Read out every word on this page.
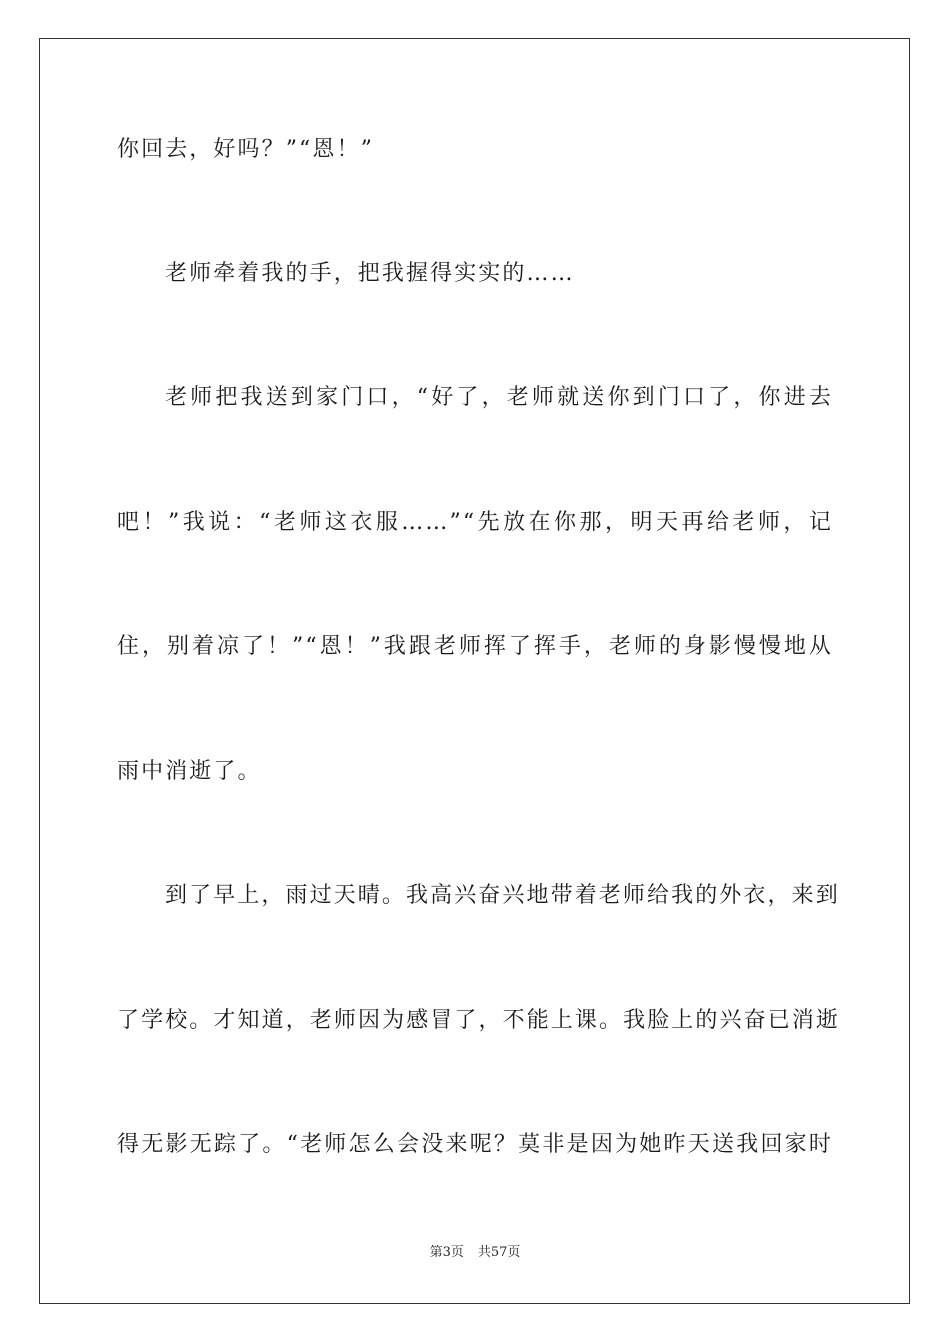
你回去，好吗？”“恩！”
老师牵着我的手，把我握得实实的……
老师把我送到家门口，“好了，老师就送你到门口了，你进去
吧！”我说：“老师这衣服……”“先放在你那，明天再给老师，记
住，别着凉了！”“恩！”我跟老师挥了挥手，老师的身影慢慢地从
雨中消逝了。
到了早上，雨过天晴。我高兴奋兴地带着老师给我的外衣，来到
了学校。才知道，老师因为感冒了，不能上课。我脸上的兴奋已消逝
得无影无踪了。“老师怎么会没来呢？莫非是因为她昨天送我回家时
第3页 共57页
